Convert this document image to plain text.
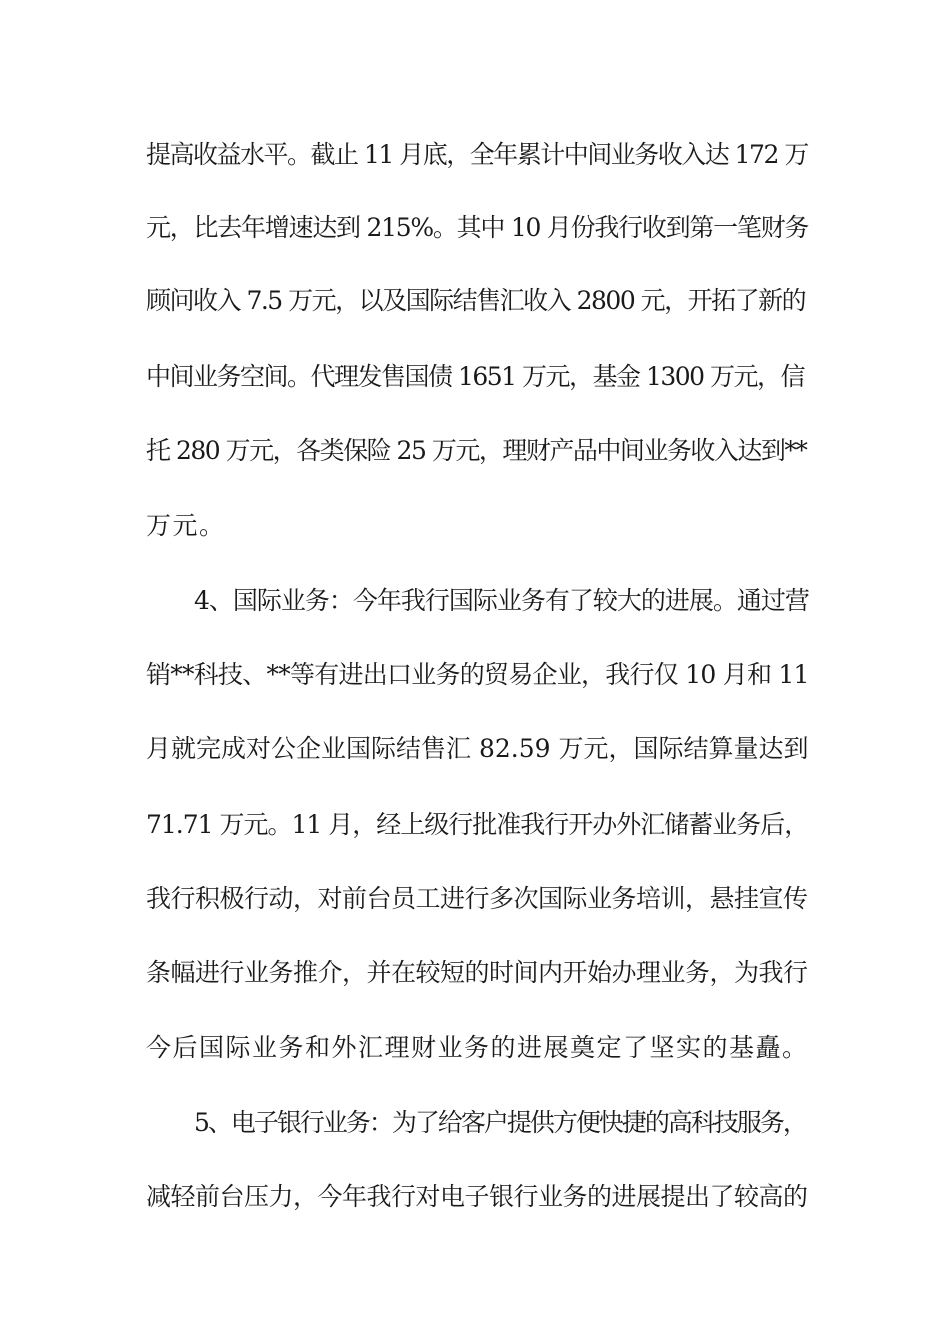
提高收益水平。截止 11 月底，全年累计中间业务收入达 172 万
元，比去年增速达到 215%。其中 10 月份我行收到第一笔财务
顾问收入 7.5 万元，以及国际结售汇收入 2800 元，开拓了新的
中间业务空间。代理发售国债 1651 万元，基金 1300 万元，信
托 280 万元，各类保险 25 万元，理财产品中间业务收入达到**
万元。
4、国际业务：今年我行国际业务有了较大的进展。通过营
销**科技、**等有进出口业务的贸易企业，我行仅 10 月和 11
月就完成对公企业国际结售汇 82.59 万元，国际结算量达到
71.71 万元。11 月，经上级行批准我行开办外汇储蓄业务后，
我行积极行动，对前台员工进行多次国际业务培训，悬挂宣传
条幅进行业务推介，并在较短的时间内开始办理业务，为我行
今后国际业务和外汇理财业务的进展奠定了坚实的基矗。
5、电子银行业务：为了给客户提供方便快捷的高科技服务，
减轻前台压力，今年我行对电子银行业务的进展提出了较高的
